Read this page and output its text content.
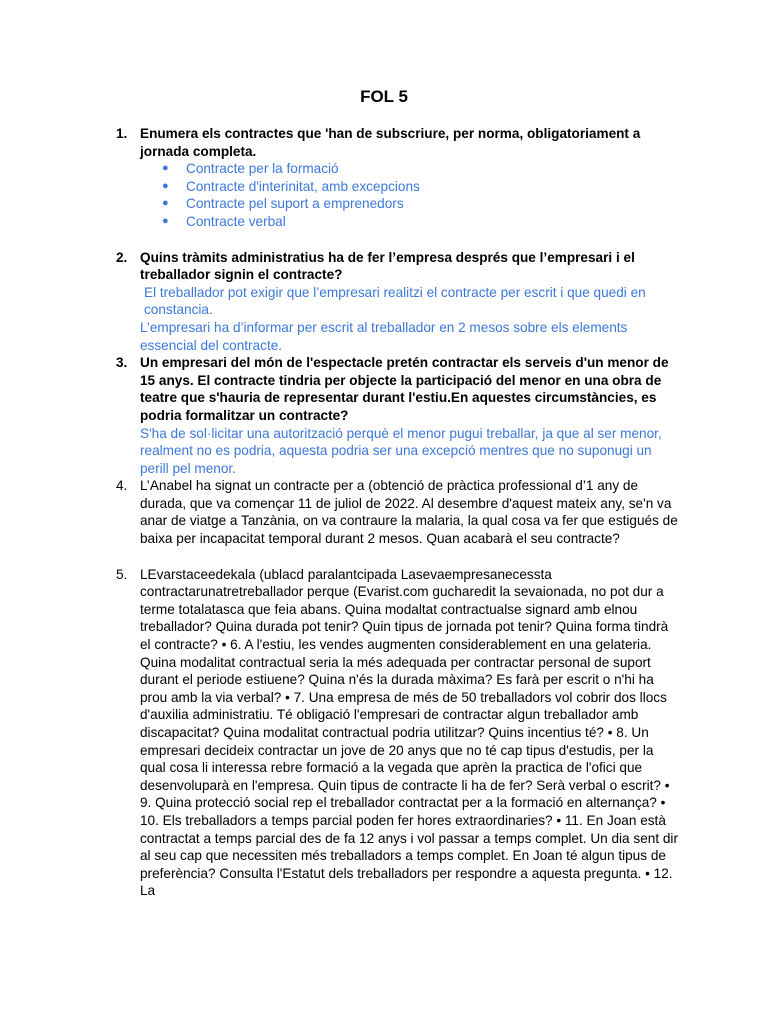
FOL 5
1. Enumera els contractes que 'han de subscriure, per norma, obligatoriament a jornada completa.
● Contracte per la formació
● Contracte d'interinitat, amb excepcions
● Contracte pel suport a emprenedors
● Contracte verbal
2. Quins tràmits administratius ha de fer l’empresa després que l’empresari i el treballador signin el contracte?
El treballador pot exigir que l’empresari realitzi el contracte per escrit i que quedi en constancia.
L’empresari ha d’informar per escrit al treballador en 2 mesos sobre els elements essencial del contracte.
3. Un empresari del món de l'espectacle pretén contractar els serveis d'un menor de 15 anys. El contracte tindria per objecte la participació del menor en una obra de teatre que s'hauria de representar durant l'estiu.En aquestes circumstàncies, es podria formalitzar un contracte?
S'ha de sol·licitar una autorització perquè el menor pugui treballar, ja que al ser menor, realment no es podria, aquesta podria ser una excepció mentres que no suponugi un perill pel menor.
4. L’Anabel ha signat un contracte per a (obtenció de pràctica professional d’1 any de durada, que va començar 11 de juliol de 2022. Al desembre d'aquest mateix any, se'n va anar de viatge a Tanzània, on va contraure la malaria, la qual cosa va fer que estigués de baixa per incapacitat temporal durant 2 mesos. Quan acabarà el seu contracte?
5. LEvarstaceedekala (ublacd paralantcipada Lasevaempresanecessta contractarunatretreballador perque (Evarist.com gucharedit la sevaionada, no pot dur a terme totalatasca que feia abans. Quina modaltat contractualse signard amb elnou treballador? Quina durada pot tenir? Quin tipus de jornada pot tenir? Quina forma tindrà el contracte? • 6. A l'estiu, les vendes augmenten considerablement en una gelateria. Quina modalitat contractual seria la més adequada per contractar personal de suport durant el periode estiuene? Quina n'és la durada màxima? Es farà per escrit o n'hi ha prou amb la via verbal? • 7. Una empresa de més de 50 treballadors vol cobrir dos llocs d'auxilia administratiu. Té obligació l'empresari de contractar algun treballador amb discapacitat? Quina modalitat contractual podria utilitzar? Quins incentius té? • 8. Un empresari decideix contractar un jove de 20 anys que no té cap tipus d'estudis, per la qual cosa li interessa rebre formació a la vegada que aprèn la practica de l'ofici que desenvoluparà en l'empresa. Quin tipus de contracte li ha de fer? Serà verbal o escrit? • 9. Quina protecció social rep el treballador contractat per a la formació en alternança? • 10. Els treballadors a temps parcial poden fer hores extraordinaries? • 11. En Joan està contractat a temps parcial des de fa 12 anys i vol passar a temps complet. Un dia sent dir al seu cap que necessiten més treballadors a temps complet. En Joan té algun tipus de preferència? Consulta l'Estatut dels treballadors per respondre a aquesta pregunta. • 12. La
